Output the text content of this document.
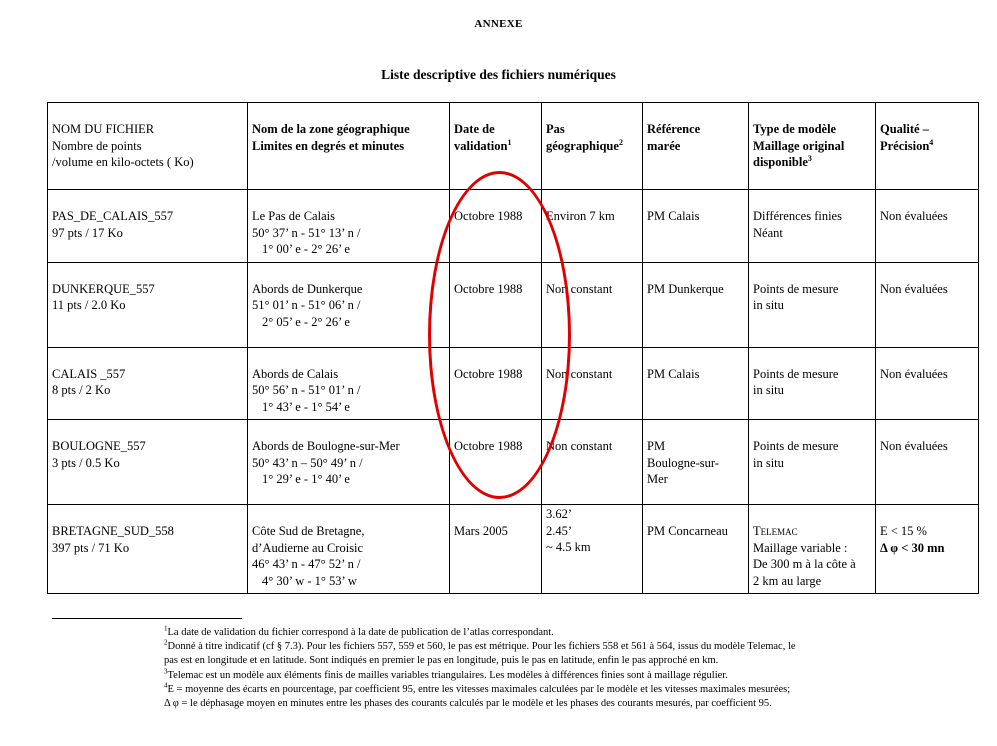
ANNEXE
Liste descriptive des fichiers numériques
NOM DU FICHIER
Nombre de points
/volume en kilo-octets ( Ko)	Nom de la zone géographique
Limites en degrés et minutes	Date de
validation$^1$	Pas
géographique$^2$	Référence
marée	Type de modèle
Maillage original
disponible$^3$	Qualité –
Précision$^4$

PAS_DE_CALAIS_557
97 pts / 17 Ko	Le Pas de Calais
50° 37’ n - 51° 13’ n /
1° 00’ e - 2° 26’ e	Octobre 1988	Environ 7 km	PM Calais	Différences finies
Néant	Non évaluées

DUNKERQUE_557
11 pts / 2.0 Ko	Abords de Dunkerque
51° 01’ n - 51° 06’ n /
2° 05’ e - 2° 26’ e	Octobre 1988	Non constant	PM Dunkerque	Points de mesure
in situ	Non évaluées

CALAIS _557
8 pts / 2 Ko	Abords de Calais
50° 56’ n - 51° 01’ n /
1° 43’ e - 1° 54’ e	Octobre 1988	Non constant	PM Calais	Points de mesure
in situ	Non évaluées

BOULOGNE_557
3 pts / 0.5 Ko	Abords de Boulogne-sur-Mer
50° 43’ n – 50° 49’ n /
1° 29’ e - 1° 40’ e	Octobre 1988	Non constant	PM
Boulogne-sur-
Mer	Points de mesure
in situ	Non évaluées

BRETAGNE_SUD_558
397 pts / 71 Ko	Côte Sud de Bretagne,
d’Audierne au Croisic
46° 43’ n - 47° 52’ n /
4° 30’ w - 1° 53’ w	Mars 2005	3.62’
2.45’
~ 4.5 km	PM Concarneau	Telemac
Maillage variable :
De 300 m à la côte à
2 km au large	E < 15 %
Δ φ < 30 mn
$^1$La date de validation du fichier correspond à la date de publication de l’atlas correspondant.
$^2$Donné à titre indicatif (cf § 7.3). Pour les fichiers 557, 559 et 560, le pas est métrique. Pour les fichiers 558 et 561 à 564, issus du modèle Telemac, le
pas est en longitude et en latitude. Sont indiqués en premier le pas en longitude, puis le pas en latitude, enfin le pas approché en km.
$^3$Telemac est un modèle aux éléments finis de mailles variables triangulaires. Les modèles à différences finies sont à maillage régulier.
$^4$E = moyenne des écarts en pourcentage, par coefficient 95, entre les vitesses maximales calculées par le modèle et les vitesses maximales mesurées;
Δ φ = le déphasage moyen en minutes entre les phases des courants calculés par le modèle et les phases des courants mesurés, par coefficient 95.
